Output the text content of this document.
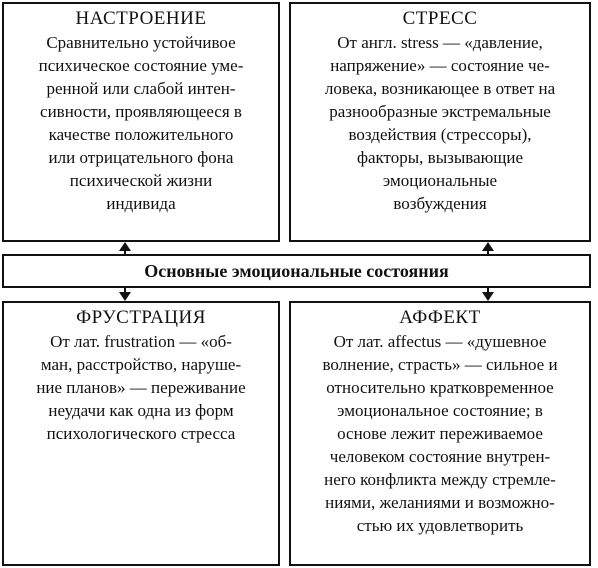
НАСТРОЕНИЕ
Сравнительно устойчивое
психическое состояние уме-
ренной или слабой интен-
сивности, проявляющееся в
качестве положительного
или отрицательного фона
психической жизни
индивида
СТРЕСС
От англ. stress — «давление,
напряжение» — состояние че-
ловека, возникающее в ответ на
разнообразные экстремальные
воздействия (стрессоры),
факторы, вызывающие
эмоциональные
возбуждения
Основные эмоциональные состояния
ФРУСТРАЦИЯ
От лат. frustration — «об-
ман, расстройство, наруше-
ние планов» — переживание
неудачи как одна из форм
психологического стресса
АФФЕКТ
От лат. affectus — «душевное
волнение, страсть» — сильное и
относительно кратковременное
эмоциональное состояние; в
основе лежит переживаемое
человеком состояние внутрен-
него конфликта между стремле-
ниями, желаниями и возможно-
стью их удовлетворить
